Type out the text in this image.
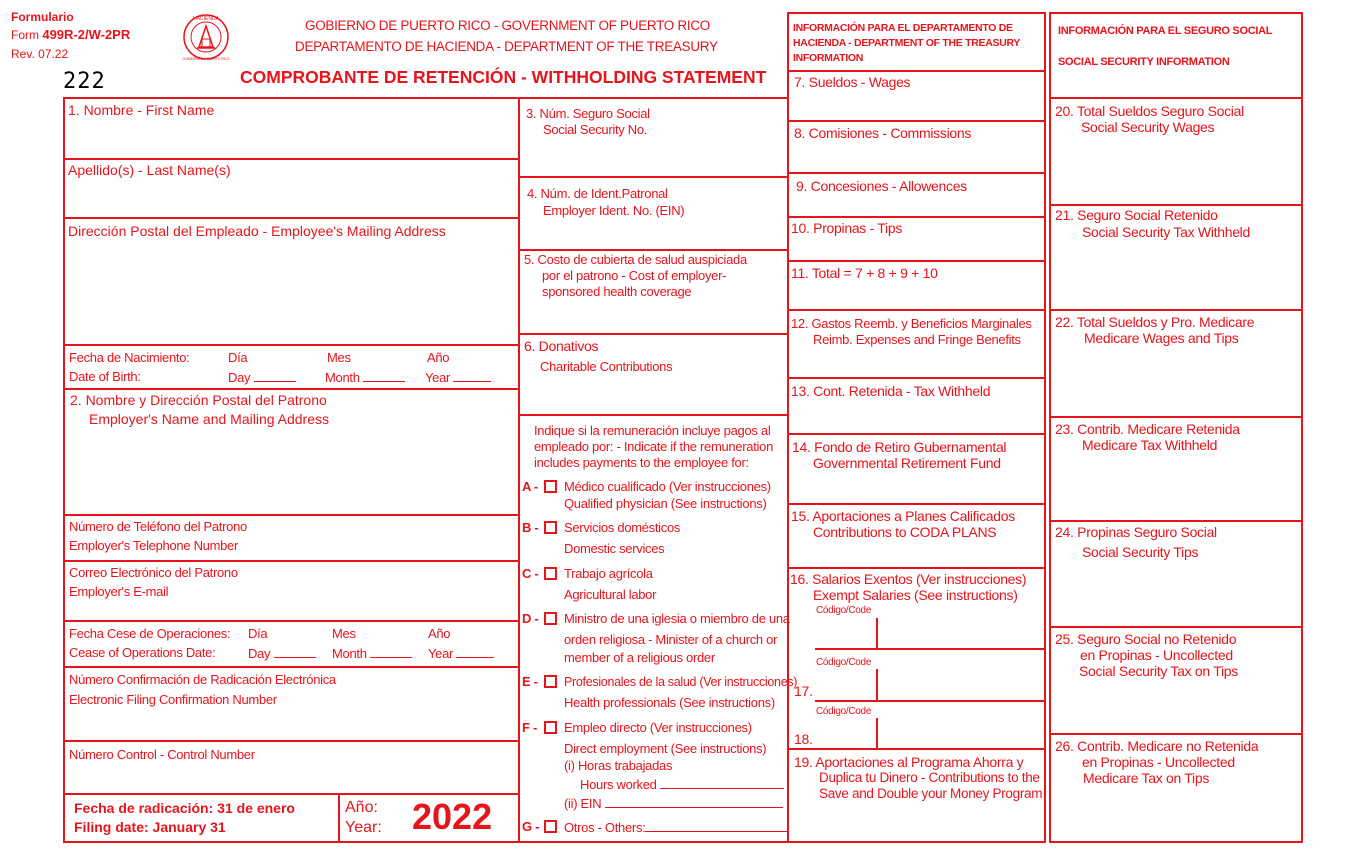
Formulario
Form 499R-2/W-2PR
Rev. 07.22
222
HACIENDA
GOBIERNO DE PUERTO RICO
GOBIERNO DE PUERTO RICO - GOVERNMENT OF PUERTO RICO
DEPARTAMENTO DE HACIENDA - DEPARTMENT OF THE TREASURY
COMPROBANTE DE RETENCIÓN - WITHHOLDING STATEMENT
1. Nombre - First Name
Apellido(s) - Last Name(s)
Dirección Postal del Empleado - Employee's Mailing Address
Fecha de Nacimiento:
Date of Birth:
Día	Mes	Año
Day	Month	Year
2. Nombre y Dirección Postal del Patrono
Employer's Name and Mailing Address
Número de Teléfono del Patrono
Employer's Telephone Number
Correo Electrónico del Patrono
Employer's E-mail
Fecha Cese de Operaciones:
Cease of Operations Date:
Día	Mes	Año
Day	Month	Year
Número Confirmación de Radicación Electrónica
Electronic Filing Confirmation Number
Número Control - Control Number
Fecha de radicación: 31 de enero
Filing date: January 31
Año:
Year: 2022
3. Núm. Seguro Social
Social Security No.
4. Núm. de Ident.Patronal
Employer Ident. No. (EIN)
5. Costo de cubierta de salud auspiciada
por el patrono - Cost of employer-
sponsored health coverage
6. Donativos
Charitable Contributions
Indique si la remuneración incluye pagos al
empleado por: - Indicate if the remuneration
includes payments to the employee for:
A - Médico cualificado (Ver instrucciones)
Qualified physician (See instructions)
B - Servicios domésticos
Domestic services
C - Trabajo agrícola
Agricultural labor
D - Ministro de una iglesia o miembro de una
orden religiosa - Minister of a church or
member of a religious order
E - Profesionales de la salud (Ver instrucciones)
Health professionals (See instructions)
F - Empleo directo (Ver instrucciones)
Direct employment (See instructions)
(i) Horas trabajadas
Hours worked
(ii) EIN
G - Otros - Others:
INFORMACIÓN PARA EL DEPARTAMENTO DE HACIENDA - DEPARTMENT OF THE TREASURY INFORMATION
7. Sueldos - Wages
8. Comisiones - Commissions
9. Concesiones - Allowences
10. Propinas - Tips
11. Total = 7 + 8 + 9 + 10
12. Gastos Reemb. y Beneficios Marginales
Reimb. Expenses and Fringe Benefits
13. Cont. Retenida - Tax Withheld
14. Fondo de Retiro Gubernamental
Governmental Retirement Fund
15. Aportaciones a Planes Calificados
Contributions to CODA PLANS
16. Salarios Exentos (Ver instrucciones)
Exempt Salaries (See instructions)
Código/Code
Código/Code
17.
Código/Code
18.
19. Aportaciones al Programa Ahorra y
Duplica tu Dinero - Contributions to the
Save and Double your Money Program
INFORMACIÓN PARA EL SEGURO SOCIAL
SOCIAL SECURITY INFORMATION
20. Total Sueldos Seguro Social
Social Security Wages
21. Seguro Social Retenido
Social Security Tax Withheld
22. Total Sueldos y Pro. Medicare
Medicare Wages and Tips
23. Contrib. Medicare Retenida
Medicare Tax Withheld
24. Propinas Seguro Social
Social Security Tips
25. Seguro Social no Retenido
en Propinas - Uncollected
Social Security Tax on Tips
26. Contrib. Medicare no Retenida
en Propinas - Uncollected
Medicare Tax on Tips
